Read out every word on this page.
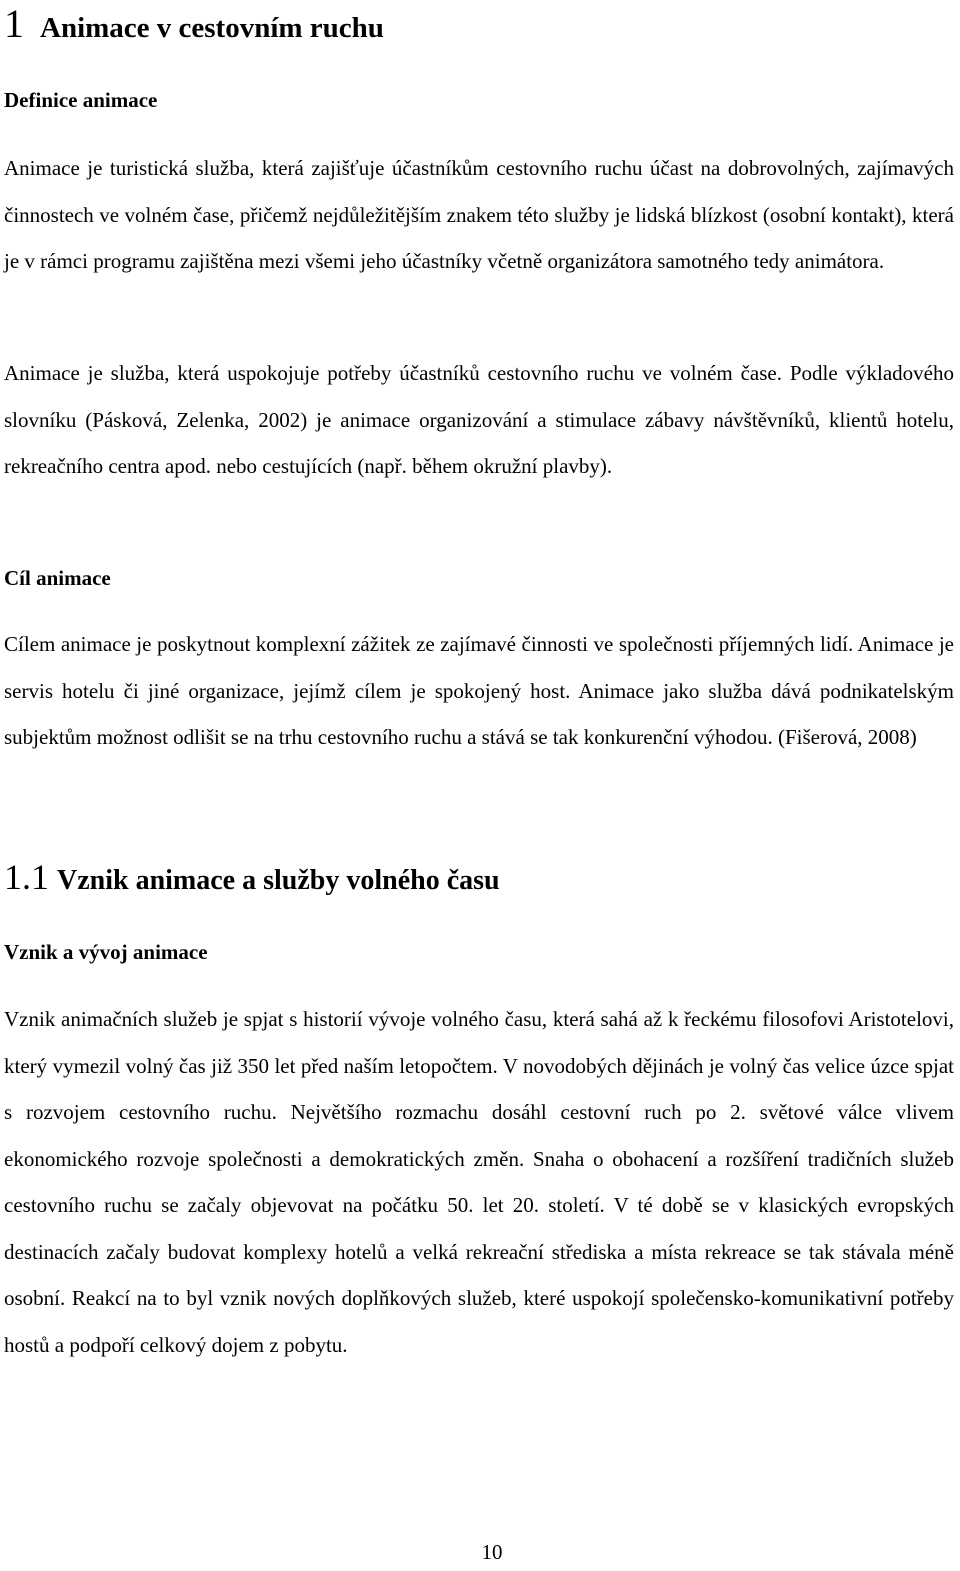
1 Animace v cestovním ruchu
Definice animace

Animace je turistická služba, která zajišťuje účastníkům cestovního ruchu účast na dobrovolných, zajímavých činnostech ve volném čase, přičemž nejdůležitějším znakem této služby je lidská blízkost (osobní kontakt), která je v rámci programu zajištěna mezi všemi jeho účastníky včetně organizátora samotného tedy animátora.

Animace je služba, která uspokojuje potřeby účastníků cestovního ruchu ve volném čase. Podle výkladového slovníku (Pásková, Zelenka, 2002) je animace organizování a stimulace zábavy návštěvníků, klientů hotelu, rekreačního centra apod. nebo cestujících (např. během okružní plavby).

Cíl animace

Cílem animace je poskytnout komplexní zážitek ze zajímavé činnosti ve společnosti příjemných lidí. Animace je servis hotelu či jiné organizace, jejímž cílem je spokojený host. Animace jako služba dává podnikatelským subjektům možnost odlišit se na trhu cestovního ruchu a stává se tak konkurenční výhodou. (Fišerová, 2008)

1.1 Vznik animace a služby volného času
Vznik a vývoj animace

Vznik animačních služeb je spjat s historií vývoje volného času, která sahá až k řeckému filosofovi Aristotelovi, který vymezil volný čas již 350 let před naším letopočtem. V novodobých dějinách je volný čas velice úzce spjat s rozvojem cestovního ruchu. Největšího rozmachu dosáhl cestovní ruch po 2. světové válce vlivem ekonomického rozvoje společnosti a demokratických změn. Snaha o obohacení a rozšíření tradičních služeb cestovního ruchu se začaly objevovat na počátku 50. let 20. století. V té době se v klasických evropských destinacích začaly budovat komplexy hotelů a velká rekreační střediska a místa rekreace se tak stávala méně osobní. Reakcí na to byl vznik nových doplňkových služeb, které uspokojí společensko-komunikativní potřeby hostů a podpoří celkový dojem z pobytu.

10
